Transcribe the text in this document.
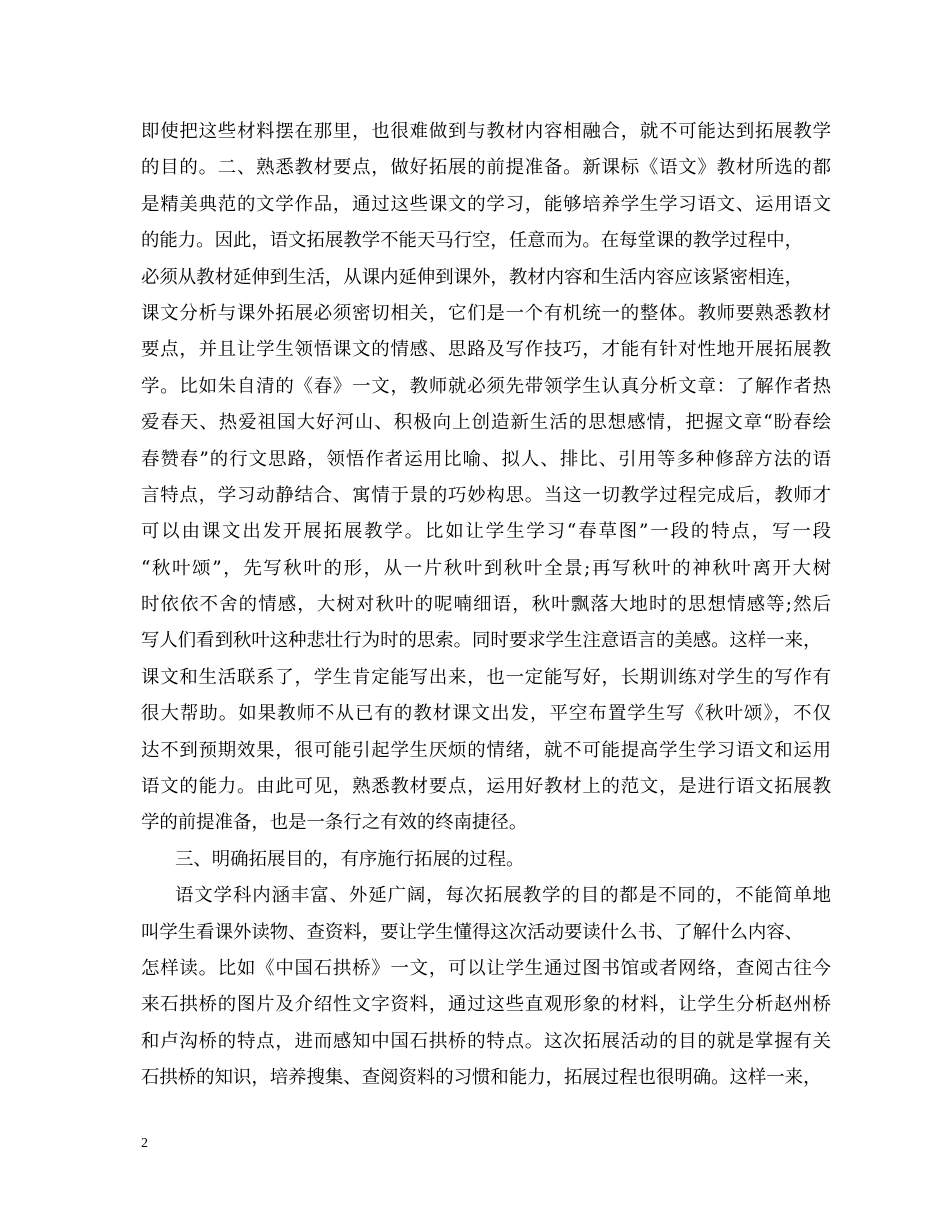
即使把这些材料摆在那里，也很难做到与教材内容相融合，就不可能达到拓展教学
的目的。二、熟悉教材要点，做好拓展的前提准备。新课标《语文》教材所选的都
是精美典范的文学作品，通过这些课文的学习，能够培养学生学习语文、运用语文
的能力。因此，语文拓展教学不能天马行空，任意而为。在每堂课的教学过程中，
必须从教材延伸到生活，从课内延伸到课外，教材内容和生活内容应该紧密相连，
课文分析与课外拓展必须密切相关，它们是一个有机统一的整体。教师要熟悉教材
要点，并且让学生领悟课文的情感、思路及写作技巧，才能有针对性地开展拓展教
学。比如朱自清的《春》一文，教师就必须先带领学生认真分析文章：了解作者热
爱春天、热爱祖国大好河山、积极向上创造新生活的思想感情，把握文章“盼春绘
春赞春”的行文思路，领悟作者运用比喻、拟人、排比、引用等多种修辞方法的语
言特点，学习动静结合、寓情于景的巧妙构思。当这一切教学过程完成后，教师才
可以由课文出发开展拓展教学。比如让学生学习“春草图”一段的特点，写一段
“秋叶颂”，先写秋叶的形，从一片秋叶到秋叶全景;再写秋叶的神秋叶离开大树
时依依不舍的情感，大树对秋叶的呢喃细语，秋叶飘落大地时的思想情感等;然后
写人们看到秋叶这种悲壮行为时的思索。同时要求学生注意语言的美感。这样一来，
课文和生活联系了，学生肯定能写出来，也一定能写好，长期训练对学生的写作有
很大帮助。如果教师不从已有的教材课文出发，平空布置学生写《秋叶颂》，不仅
达不到预期效果，很可能引起学生厌烦的情绪，就不可能提高学生学习语文和运用
语文的能力。由此可见，熟悉教材要点，运用好教材上的范文，是进行语文拓展教
学的前提准备，也是一条行之有效的终南捷径。
三、明确拓展目的，有序施行拓展的过程。
语文学科内涵丰富、外延广阔，每次拓展教学的目的都是不同的，不能简单地
叫学生看课外读物、查资料，要让学生懂得这次活动要读什么书、了解什么内容、
怎样读。比如《中国石拱桥》一文，可以让学生通过图书馆或者网络，查阅古往今
来石拱桥的图片及介绍性文字资料，通过这些直观形象的材料，让学生分析赵州桥
和卢沟桥的特点，进而感知中国石拱桥的特点。这次拓展活动的目的就是掌握有关
石拱桥的知识，培养搜集、查阅资料的习惯和能力，拓展过程也很明确。这样一来，
2
